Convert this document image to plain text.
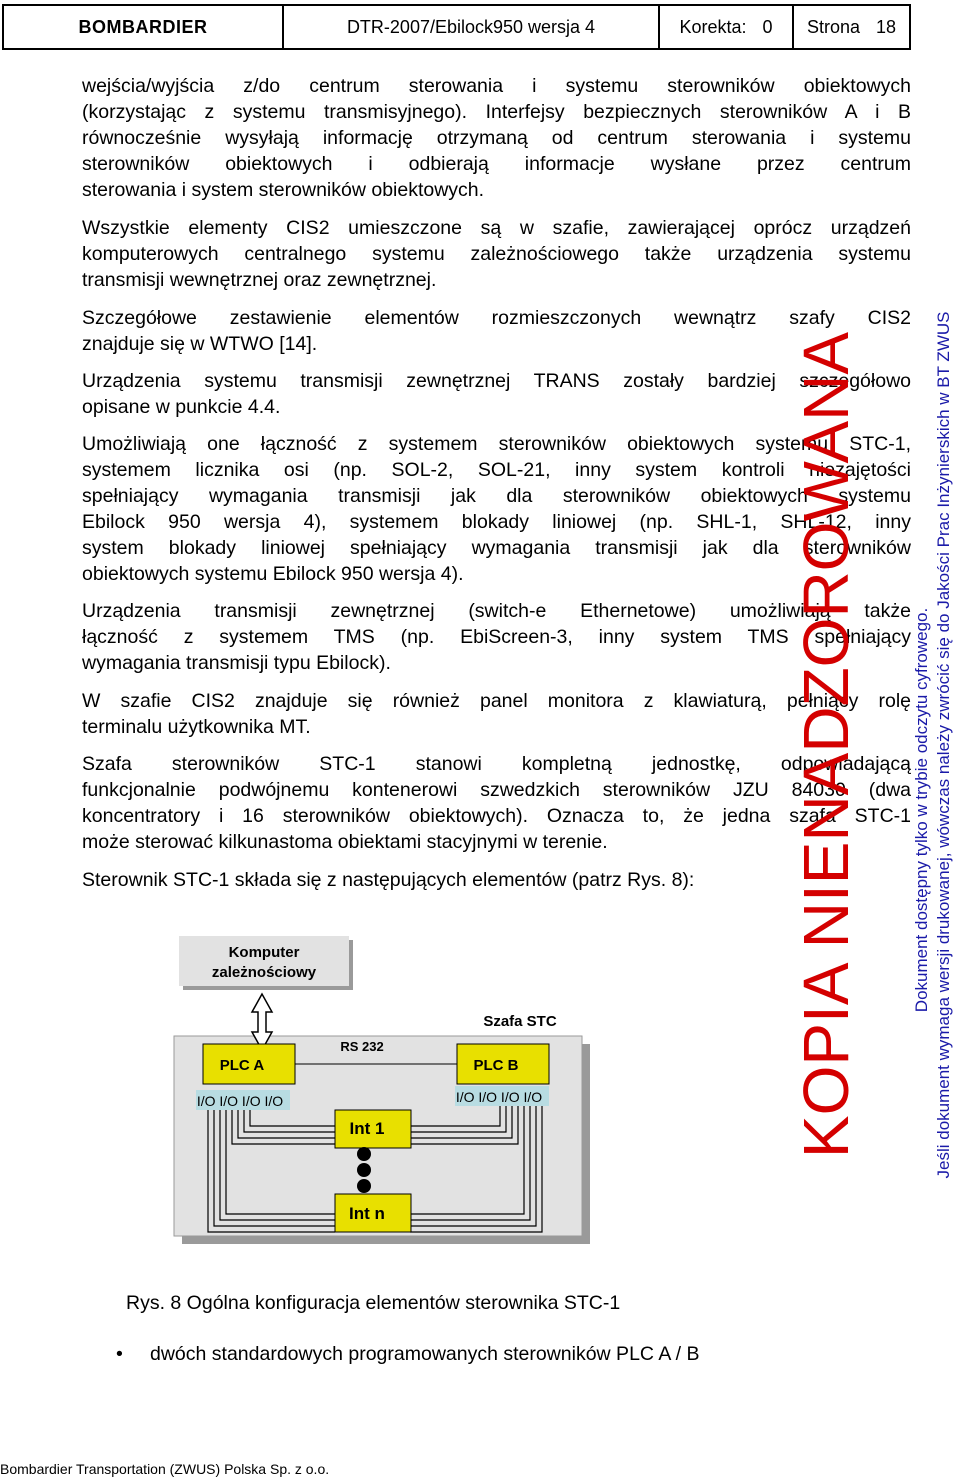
BOMBARDIER	DTR-2007/Ebilock950 wersja 4	Korekta: 0 Strona 18
wejścia/wyjścia z/do centrum sterowania i systemu sterowników obiektowych
(korzystając z systemu transmisyjnego). Interfejsy bezpiecznych sterowników A i B
równocześnie wysyłają informację otrzymaną od centrum sterowania i systemu
sterowników obiektowych i odbierają informacje wysłane przez centrum
sterowania i system sterowników obiektowych.
Wszystkie elementy CIS2 umieszczone są w szafie, zawierającej oprócz urządzeń
komputerowych centralnego systemu zależnościowego także urządzenia systemu
transmisji wewnętrznej oraz zewnętrznej.
Szczegółowe zestawienie elementów rozmieszczonych wewnątrz szafy CIS2
znajduje się w WTWO [14].
Urządzenia systemu transmisji zewnętrznej TRANS zostały bardziej szczegółowo
opisane w punkcie 4.4.
Umożliwiają one łączność z systemem sterowników obiektowych systemu STC-1,
systemem licznika osi (np. SOL-2, SOL-21, inny system kontroli niezajętości
spełniający wymagania transmisji jak dla sterowników obiektowych systemu
Ebilock 950 wersja 4), systemem blokady liniowej (np. SHL-1, SHL-12, inny
system blokady liniowej spełniający wymagania transmisji jak dla sterowników
obiektowych systemu Ebilock 950 wersja 4).
Urządzenia transmisji zewnętrznej (switch-e Ethernetowe) umożliwiają także
łączność z systemem TMS (np. EbiScreen-3, inny system TMS spełniający
wymagania transmisji typu Ebilock).
W szafie CIS2 znajduje się również panel monitora z klawiaturą, pełniący rolę
terminalu użytkownika MT.
Szafa sterowników STC-1 stanowi kompletną jednostkę, odpowiadającą
funkcjonalnie podwójnemu kontenerowi szwedzkich sterowników JZU 84030 (dwa
koncentratory i 16 sterowników obiektowych). Oznacza to, że jedna szafa STC-1
może sterować kilkunastoma obiektami stacyjnymi w terenie.
Sterownik STC-1 składa się z następujących elementów (patrz Rys. 8):
Szafa STC
Komputer
zależnościowy
PLC A
I/O I/O I/O I/O
PLC B
I/O I/O I/O I/O
RS 232
Int 1
Int n
Rys. 8 Ogólna konfiguracja elementów sterownika STC-1
•	dwóch standardowych programowanych sterowników PLC A / B
Bombardier Transportation (ZWUS) Polska Sp. z o.o.
KOPIA NIENADZOROWANA	Dokument dostępny tylko w trybie odczytu cyfrowego. Jeśli dokument wymaga wersji drukowanej, wówczas należy zwrócić się do Jakości Prac Inżynierskich w BT ZWUS
